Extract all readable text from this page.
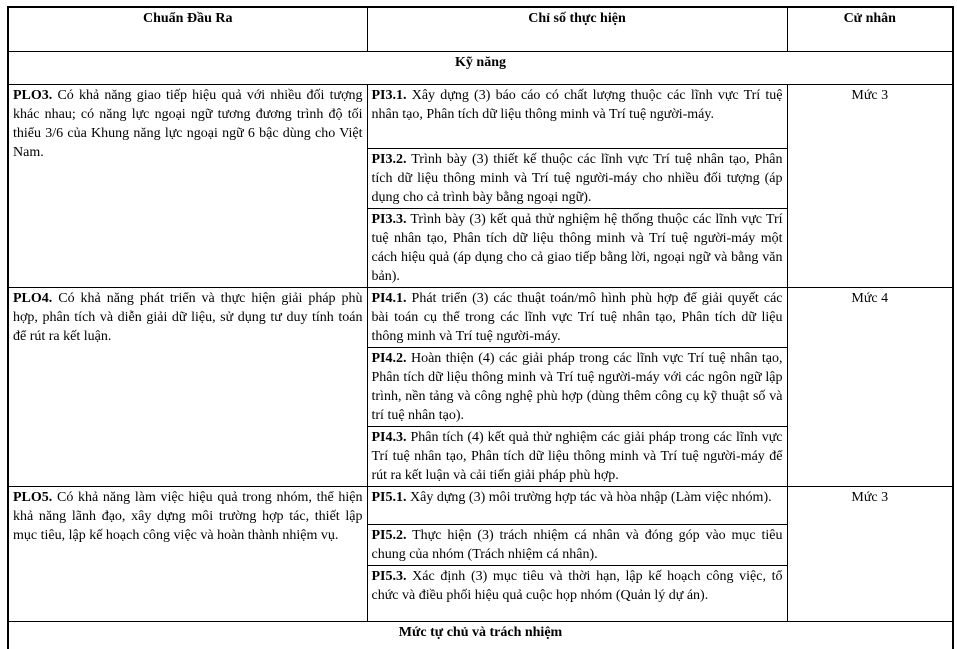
Chuẩn Đầu Ra	Chỉ số thực hiện	Cử nhân
Kỹ năng		
PLO3. Có khả năng giao tiếp hiệu quả với nhiều đối tượng khác nhau; có năng lực ngoại ngữ tương đương trình độ tối thiểu 3/6 của Khung năng lực ngoại ngữ 6 bậc dùng cho Việt Nam.	PI3.1. Xây dựng (3) báo cáo có chất lượng thuộc các lĩnh vực Trí tuệ nhân tạo, Phân tích dữ liệu thông minh và Trí tuệ người-máy.	Mức 3
	PI3.2. Trình bày (3) thiết kế thuộc các lĩnh vực Trí tuệ nhân tạo, Phân tích dữ liệu thông minh và Trí tuệ người-máy cho nhiều đối tượng (áp dụng cho cả trình bày bằng ngoại ngữ).	
	PI3.3. Trình bày (3) kết quả thử nghiệm hệ thống thuộc các lĩnh vực Trí tuệ nhân tạo, Phân tích dữ liệu thông minh và Trí tuệ người-máy một cách hiệu quả (áp dụng cho cả giao tiếp bằng lời, ngoại ngữ và bằng văn bản).	
PLO4. Có khả năng phát triển và thực hiện giải pháp phù hợp, phân tích và diễn giải dữ liệu, sử dụng tư duy tính toán để rút ra kết luận.	PI4.1. Phát triển (3) các thuật toán/mô hình phù hợp để giải quyết các bài toán cụ thể trong các lĩnh vực Trí tuệ nhân tạo, Phân tích dữ liệu thông minh và Trí tuệ người-máy.	Mức 4
	PI4.2. Hoàn thiện (4) các giải pháp trong các lĩnh vực Trí tuệ nhân tạo, Phân tích dữ liệu thông minh và Trí tuệ người-máy với các ngôn ngữ lập trình, nền tảng và công nghệ phù hợp (dùng thêm công cụ kỹ thuật số và trí tuệ nhân tạo).	
	PI4.3. Phân tích (4) kết quả thử nghiệm các giải pháp trong các lĩnh vực Trí tuệ nhân tạo, Phân tích dữ liệu thông minh và Trí tuệ người-máy để rút ra kết luận và cải tiến giải pháp phù hợp.	
PLO5. Có khả năng làm việc hiệu quả trong nhóm, thể hiện khả năng lãnh đạo, xây dựng môi trường hợp tác, thiết lập mục tiêu, lập kế hoạch công việc và hoàn thành nhiệm vụ.	PI5.1. Xây dựng (3) môi trường hợp tác và hòa nhập (Làm việc nhóm).	Mức 3
	PI5.2. Thực hiện (3) trách nhiệm cá nhân và đóng góp vào mục tiêu chung của nhóm (Trách nhiệm cá nhân).	
	PI5.3. Xác định (3) mục tiêu và thời hạn, lập kế hoạch công việc, tổ chức và điều phối hiệu quả cuộc họp nhóm (Quản lý dự án).	
Mức tự chủ và trách nhiệm		
